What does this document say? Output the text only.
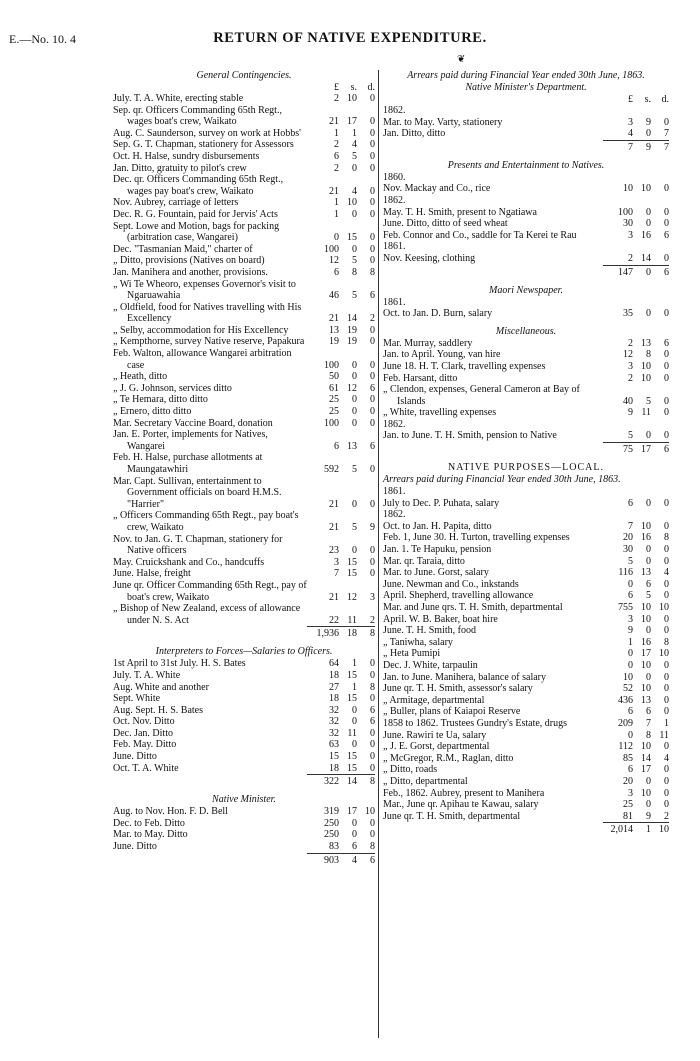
E.—No. 10. 4	RETURN OF NATIVE EXPENDITURE.
❦
General Contingencies.
£	s.	d.
July. T. A. White, erecting stable	2 10	0
Sep. qr. Officers Commanding 65th Regt., wages boat's crew, Waikato	21 17	0
Aug. C. Saunderson, survey on work at Hobbs'	1	1	0
Sep. G. T. Chapman, stationery for Assessors	2	4	0
Oct. H. Halse, sundry disbursements	6	5	0
Jan. Ditto, gratuity to pilot's crew	2	0	0
Dec. qr. Officers Commanding 65th Regt., wages pay boat's crew, Waikato	21	4	0
Nov. Aubrey, carriage of letters	1 10	0
Dec. R. G. Fountain, paid for Jervis' Acts	1	0	0
Sept. Lowe and Motion, bags for packing (arbitration case, Wangarei)	0 15	0
Dec. "Tasmanian Maid," charter of	100	0	0
„ Ditto, provisions (Natives on board)	12	5	0
Jan. Manihera and another, provisions.	6	8	8
„ Wi Te Wheoro, expenses Governor's visit to Ngaruawahia	46	5	6
„ Oldfield, food for Natives travelling with His Excellency	21 14	2
„ Selby, accommodation for His Excellency	13 19	0
„ Kempthorne, survey Native reserve, Papakura	19 19	0
Feb. Walton, allowance Wangarei arbitration case	100	0	0
„ Heath, ditto	50	0	0
„ J. G. Johnson, services ditto	61 12	6
„ Te Hemara, ditto ditto	25	0	0
„ Ernero, ditto ditto	25	0	0
Mar. Secretary Vaccine Board, donation	100	0	0
Jan. E. Porter, implements for Natives, Wangarei	6 13	6
Feb. H. Halse, purchase allotments at Maungatawhiri	592	5	0
Mar. Capt. Sullivan, entertainment to Government officials on board H.M.S. "Harrier"	21	0	0
„ Officers Commanding 65th Regt., pay boat's crew, Waikato	21	5	9
Nov. to Jan. G. T. Chapman, stationery for Native officers	23	0	0
May. Cruickshank and Co., handcuffs	3 15	0
June. Halse, freight	7 15	0
June qr. Officer Commanding 65th Regt., pay of boat's crew, Waikato	21 12	3
„ Bishop of New Zealand, excess of allowance under N. S. Act	22 11	2
1,936 18	8
Interpreters to Forces—Salaries to Officers.
1st April to 31st July. H. S. Bates	64	1	0
July. T. A. White	18 15	0
Aug. White and another	27	1	8
Sept. White	18 15	0
Aug. Sept. H. S. Bates	32	0	6
Oct. Nov. Ditto	32	0	6
Dec. Jan. Ditto	32 11	0
Feb. May. Ditto	63	0	0
June. Ditto	15 15	0
Oct. T. A. White	18 15	0
322 14	8
Native Minister.
Aug. to Nov. Hon. F. D. Bell	319 17 10
Dec. to Feb. Ditto	250	0	0
Mar. to May. Ditto	250	0	0
June. Ditto	83	6	8
903	4	6
Arrears paid during Financial Year ended 30th June, 1863.
Native Minister's Department.
£	s.	d.
1862.
Mar. to May. Varty, stationery	3	9	0
Jan. Ditto, ditto	4	0	7
7	9	7
Presents and Entertainment to Natives.
1860.
Nov. Mackay and Co., rice	10 10	0
1862.
May. T. H. Smith, present to Ngatiawa	100	0	0
June. Ditto, ditto of seed wheat	30	0	0
Feb. Connor and Co., saddle for Ta Kerei te Rau	3 16	6
1861.
Nov. Keesing, clothing	2 14	0
147	0	6
Maori Newspaper.
1861.
Oct. to Jan. D. Burn, salary	35	0	0
Miscellaneous.
Mar. Murray, saddlery	2 13	6
Jan. to April. Young, van hire	12	8	0
June 18. H. T. Clark, travelling expenses	3 10	0
Feb. Harsant, ditto	2 10	0
„ Clendon, expenses, General Cameron at Bay of Islands	40	5	0
„ White, travelling expenses	9 11	0
1862.
Jan. to June. T. H. Smith, pension to Native	5	0	0
75 17	6
NATIVE PURPOSES—LOCAL.
Arrears paid during Financial Year ended 30th June, 1863.
1861.
July to Dec. P. Puhata, salary	6	0	0
1862.
Oct. to Jan. H. Papita, ditto	7 10	0
Feb. 1, June 30. H. Turton, travelling expenses	20 16	8
Jan. 1. Te Hapuku, pension	30	0	0
Mar. qr. Taraia, ditto	5	0	0
Mar. to June. Gorst, salary	116 13	4
June. Newman and Co., inkstands	0	6	0
April. Shepherd, travelling allowance	6	5	0
Mar. and June qrs. T. H. Smith, departmental	755 10 10
April. W. B. Baker, boat hire	3 10	0
June. T. H. Smith, food	9	0	0
„ Taniwha, salary	1 16	8
„ Heta Pumipi	0 17 10
Dec. J. White, tarpaulin	0 10	0
Jan. to June. Manihera, balance of salary	10	0	0
June qr. T. H. Smith, assessor's salary	52 10	0
„ Armitage, departmental	436 13	0
„ Buller, plans of Kaiapoi Reserve	6	6	0
1858 to 1862. Trustees Gundry's Estate, drugs	209	7	1
June. Rawiri te Ua, salary	0	8 11
„ J. E. Gorst, departmental	112 10	0
„ McGregor, R.M., Raglan, ditto	85 14	4
„ Ditto, roads	6 17	0
„ Ditto, departmental	20	0	0
Feb., 1862. Aubrey, present to Manihera	3 10	0
Mar., June qr. Apihau te Kawau, salary	25	0	0
June qr. T. H. Smith, departmental	81	9	2
2,014	1 10
